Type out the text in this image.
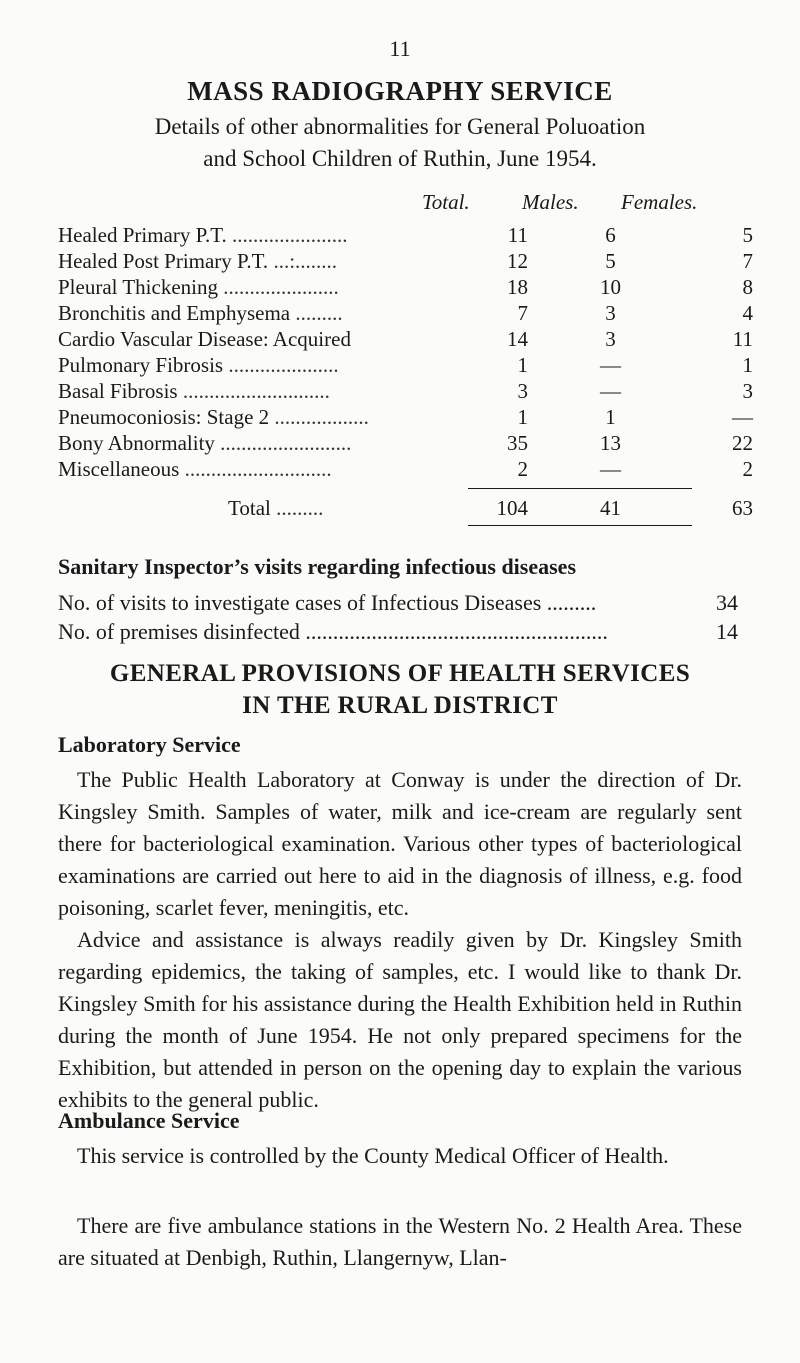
11
MASS RADIOGRAPHY SERVICE
Details of other abnormalities for General Poluoation
and School Children of Ruthin, June 1954.
Total. Males. Females.
Healed Primary P.T. ......................	11	6	5
Healed Post Primary P.T. ...:........	12	5	7
Pleural Thickening ......................	18	10	8
Bronchitis and Emphysema .........	7	3	4
Cardio Vascular Disease: Acquired	14	3	11
Pulmonary Fibrosis .....................	1	—	1
Basal Fibrosis ............................	3	—	3
Pneumoconiosis: Stage 2 ..................	1	1	—
Bony Abnormality .........................	35	13	22
Miscellaneous ............................	2	—	2
Total .........	104	41	63
Sanitary Inspector’s visits regarding infectious diseases
No. of visits to investigate cases of Infectious Diseases .........	34
No. of premises disinfected .......................................................	14
GENERAL PROVISIONS OF HEALTH SERVICES
IN THE RURAL DISTRICT
Laboratory Service
The Public Health Laboratory at Conway is under the direction of Dr. Kingsley Smith. Samples of water, milk and ice-cream are regularly sent there for bacteriological examination. Various other types of bacteriological examinations are carried out here to aid in the diagnosis of illness, e.g. food poisoning, scarlet fever, meningitis, etc.
Advice and assistance is always readily given by Dr. Kingsley Smith regarding epidemics, the taking of samples, etc. I would like to thank Dr. Kingsley Smith for his assistance during the Health Exhibition held in Ruthin during the month of June 1954. He not only prepared specimens for the Exhibition, but attended in person on the opening day to explain the various exhibits to the general public.
Ambulance Service
This service is controlled by the County Medical Officer of Health.
There are five ambulance stations in the Western No. 2 Health Area. These are situated at Denbigh, Ruthin, Llangernyw, Llan-
